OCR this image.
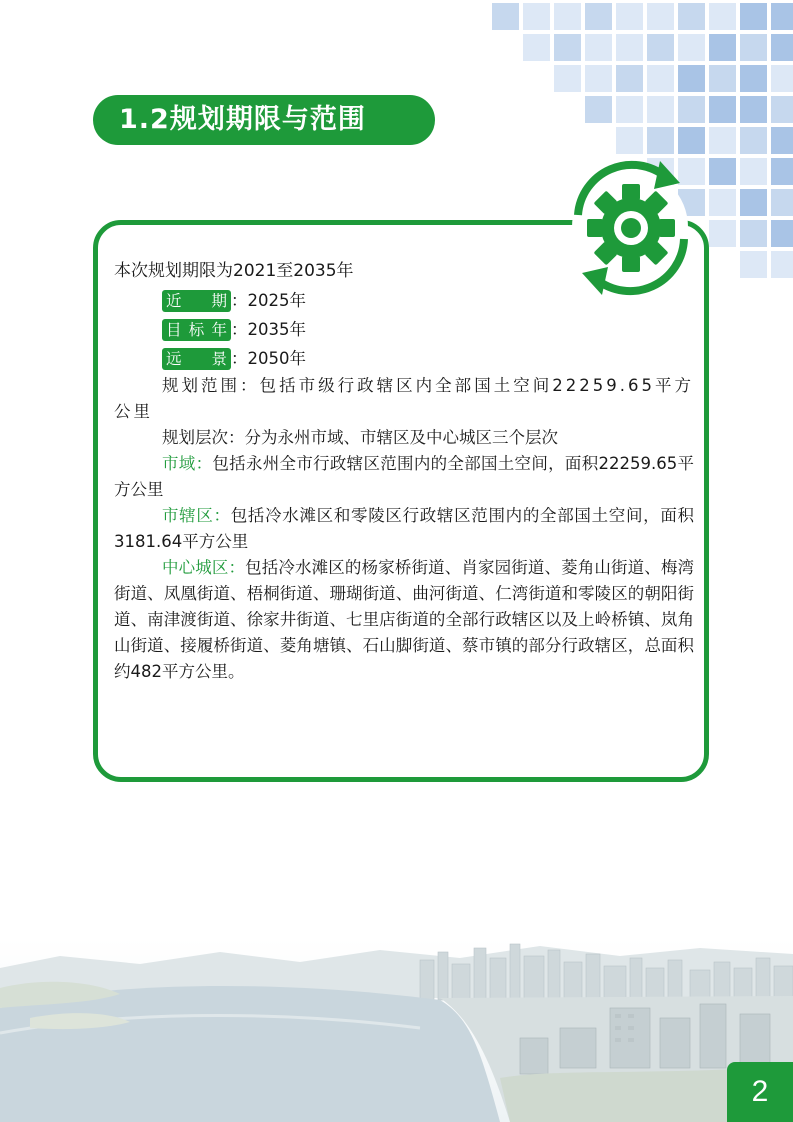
1.2规划期限与范围
本次规划期限为2021至2035年
近期 ： 2025年
目标年 ： 2035年
远景 ： 2050年

规划范围：包括市级行政辖区内全部国土空间22259.65平方公里

规划层次：分为永州市域、市辖区及中心城区三个层次

市域：包括永州全市行政辖区范围内的全部国土空间，面积22259.65平方公里

市辖区：包括冷水滩区和零陵区行政辖区范围内的全部国土空间，面积3181.64平方公里

中心城区：包括冷水滩区的杨家桥街道、肖家园街道、菱角山街道、梅湾街道、凤凰街道、梧桐街道、珊瑚街道、曲河街道、仁湾街道和零陵区的朝阳街道、南津渡街道、徐家井街道、七里店街道的全部行政辖区以及上岭桥镇、岚角山街道、接履桥街道、菱角塘镇、石山脚街道、蔡市镇的部分行政辖区，总面积约482平方公里。

2
